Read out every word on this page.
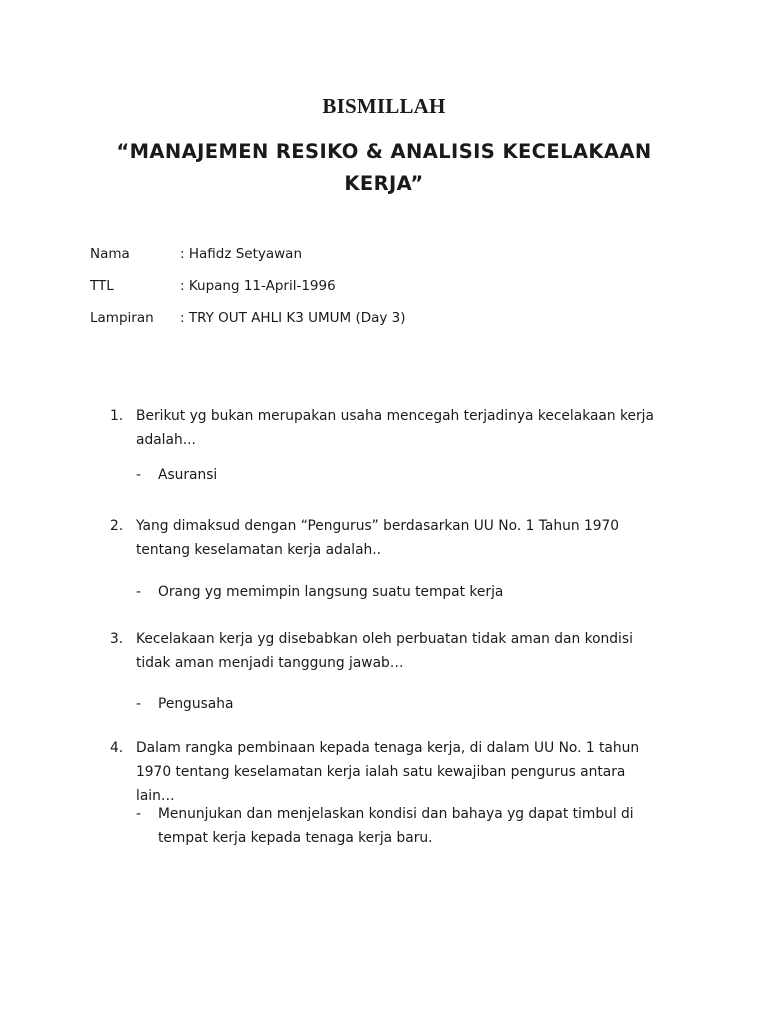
BISMILLAH
“MANAJEMEN RESIKO & ANALISIS KECELAKAAN KERJA”
Nama	: Hafidz Setyawan
TTL	: Kupang 11-April-1996
Lampiran : TRY OUT AHLI K3 UMUM (Day 3)
1. Berikut yg bukan merupakan usaha mencegah terjadinya kecelakaan kerja adalah...
- Asuransi
2. Yang dimaksud dengan “Pengurus” berdasarkan UU No. 1 Tahun 1970 tentang keselamatan kerja adalah..
- Orang yg memimpin langsung suatu tempat kerja
3. Kecelakaan kerja yg disebabkan oleh perbuatan tidak aman dan kondisi tidak aman menjadi tanggung jawab…
- Pengusaha
4. Dalam rangka pembinaan kepada tenaga kerja, di dalam UU No. 1 tahun 1970 tentang keselamatan kerja ialah satu kewajiban pengurus antara lain…
- Menunjukan dan menjelaskan kondisi dan bahaya yg dapat timbul di tempat kerja kepada tenaga kerja baru.
